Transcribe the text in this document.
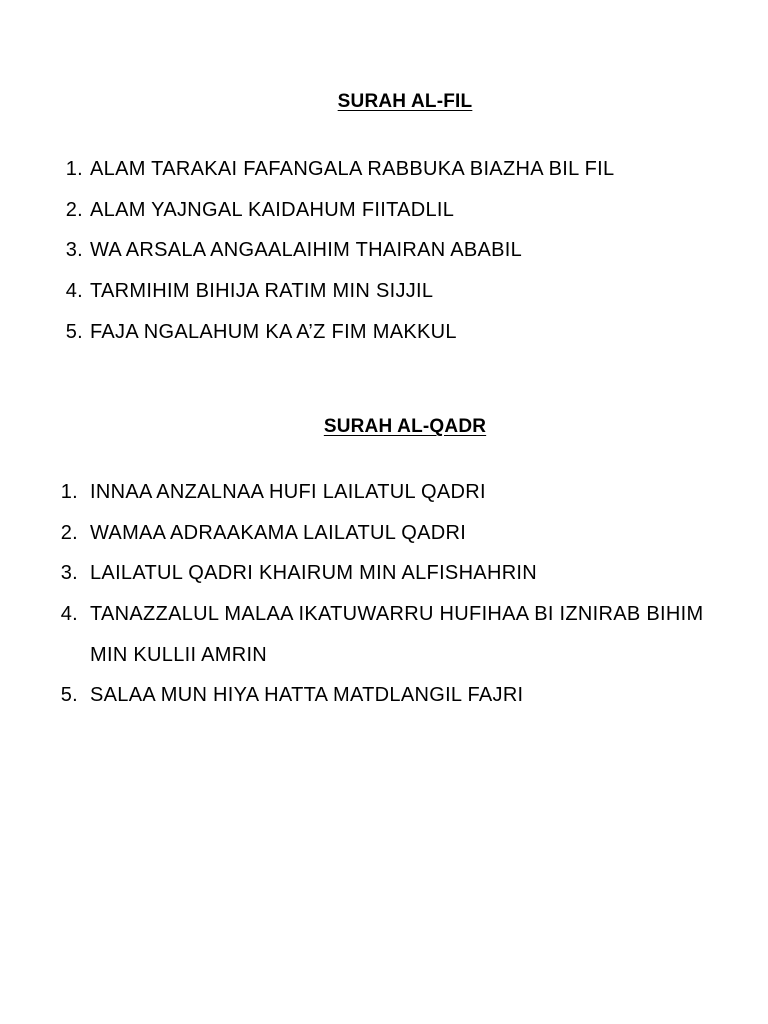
SURAH AL-FIL
1. ALAM TARAKAI FAFANGALA RABBUKA BIAZHA BIL FIL
2. ALAM YAJNGAL KAIDAHUM FIITADLIL
3. WA ARSALA ANGAALAIHIM THAIRAN ABABIL
4. TARMIHIM BIHIJA RATIM MIN SIJJIL
5. FAJA NGALAHUM KA A’Z FIM MAKKUL
SURAH AL-QADR
1. INNAA ANZALNAA HUFI LAILATUL QADRI
2. WAMAA ADRAAKAMA LAILATUL QADRI
3. LAILATUL QADRI KHAIRUM MIN ALFISHAHRIN
4. TANAZZALUL MALAA IKATUWARRU HUFIHAA BI IZNIRAB BIHIM MIN KULLII AMRIN
5. SALAA MUN HIYA HATTA MATDLANGIL FAJRI
